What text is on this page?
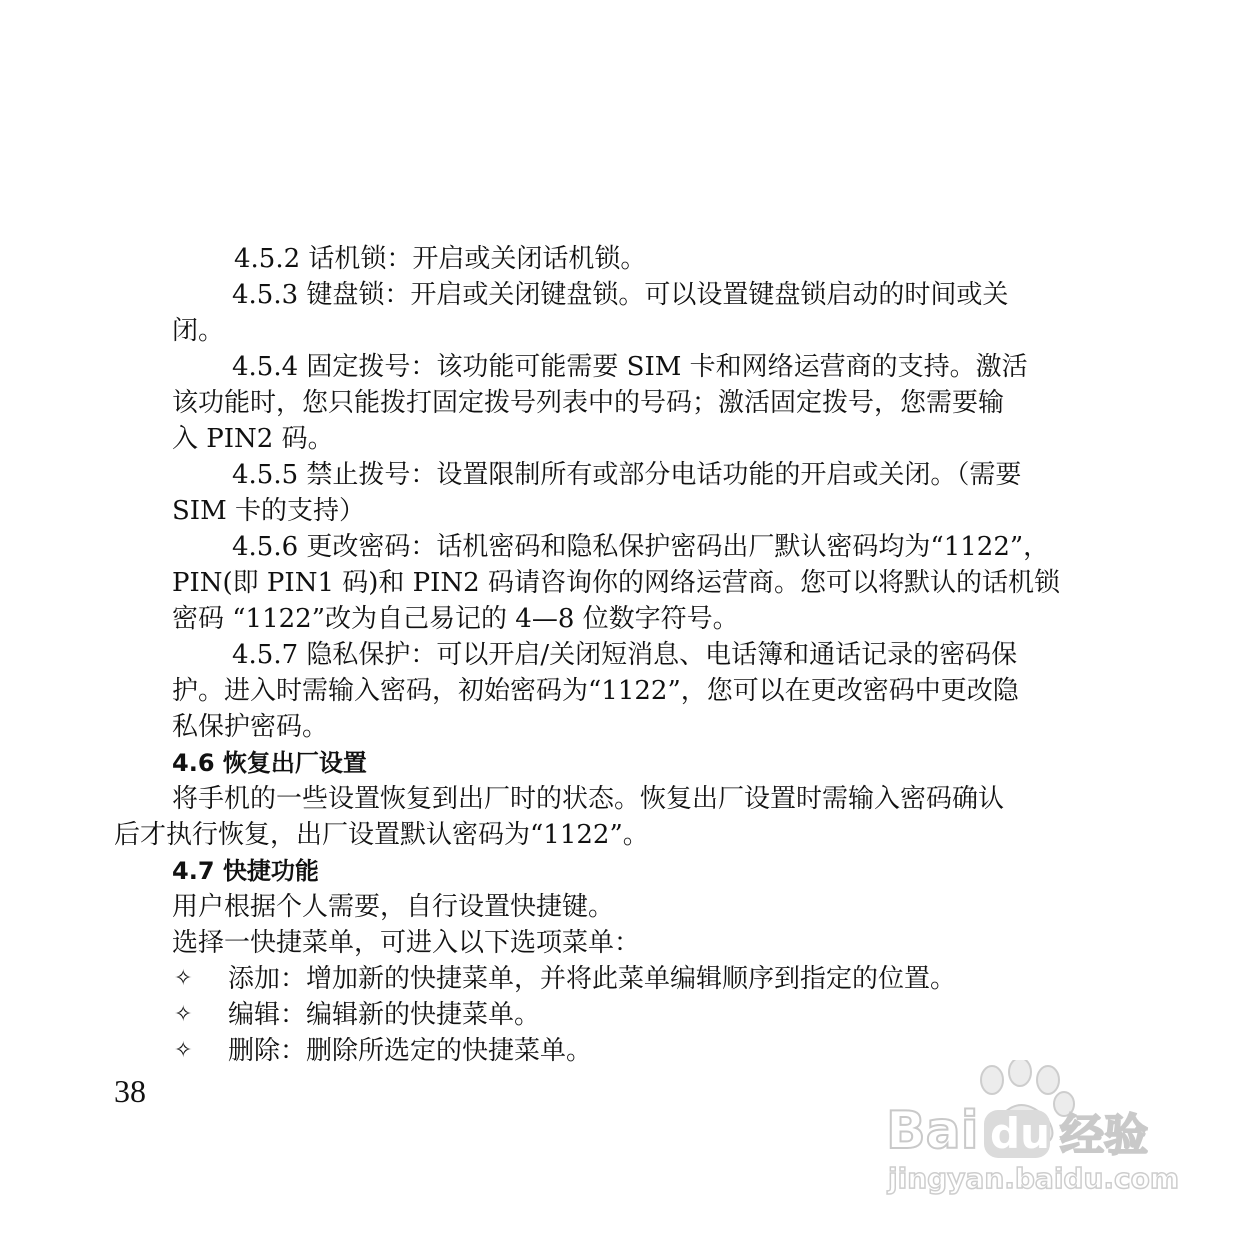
4.5.2 话机锁：开启或关闭话机锁。
4.5.3 键盘锁：开启或关闭键盘锁。可以设置键盘锁启动的时间或关
闭。
4.5.4 固定拨号：该功能可能需要 SIM 卡和网络运营商的支持。激活
该功能时，您只能拨打固定拨号列表中的号码；激活固定拨号，您需要输
入 PIN2 码。
4.5.5 禁止拨号：设置限制所有或部分电话功能的开启或关闭。（需要
SIM 卡的支持）
4.5.6 更改密码：话机密码和隐私保护密码出厂默认密码均为“1122”，
PIN(即 PIN1 码)和 PIN2 码请咨询你的网络运营商。您可以将默认的话机锁
密码 “1122”改为自己易记的 4—8 位数字符号。
4.5.7 隐私保护：可以开启/关闭短消息、电话簿和通话记录的密码保
护。进入时需输入密码，初始密码为“1122”，您可以在更改密码中更改隐
私保护密码。
4.6 恢复出厂设置
将手机的一些设置恢复到出厂时的状态。恢复出厂设置时需输入密码确认
后才执行恢复，出厂设置默认密码为“1122”。
4.7 快捷功能
用户根据个人需要，自行设置快捷键。
选择一快捷菜单，可进入以下选项菜单：
✧ 添加：增加新的快捷菜单，并将此菜单编辑顺序到指定的位置。
✧ 编辑：编辑新的快捷菜单。
✧ 删除：删除所选定的快捷菜单。
38
Bai du 经验
jingyan.baidu.com
